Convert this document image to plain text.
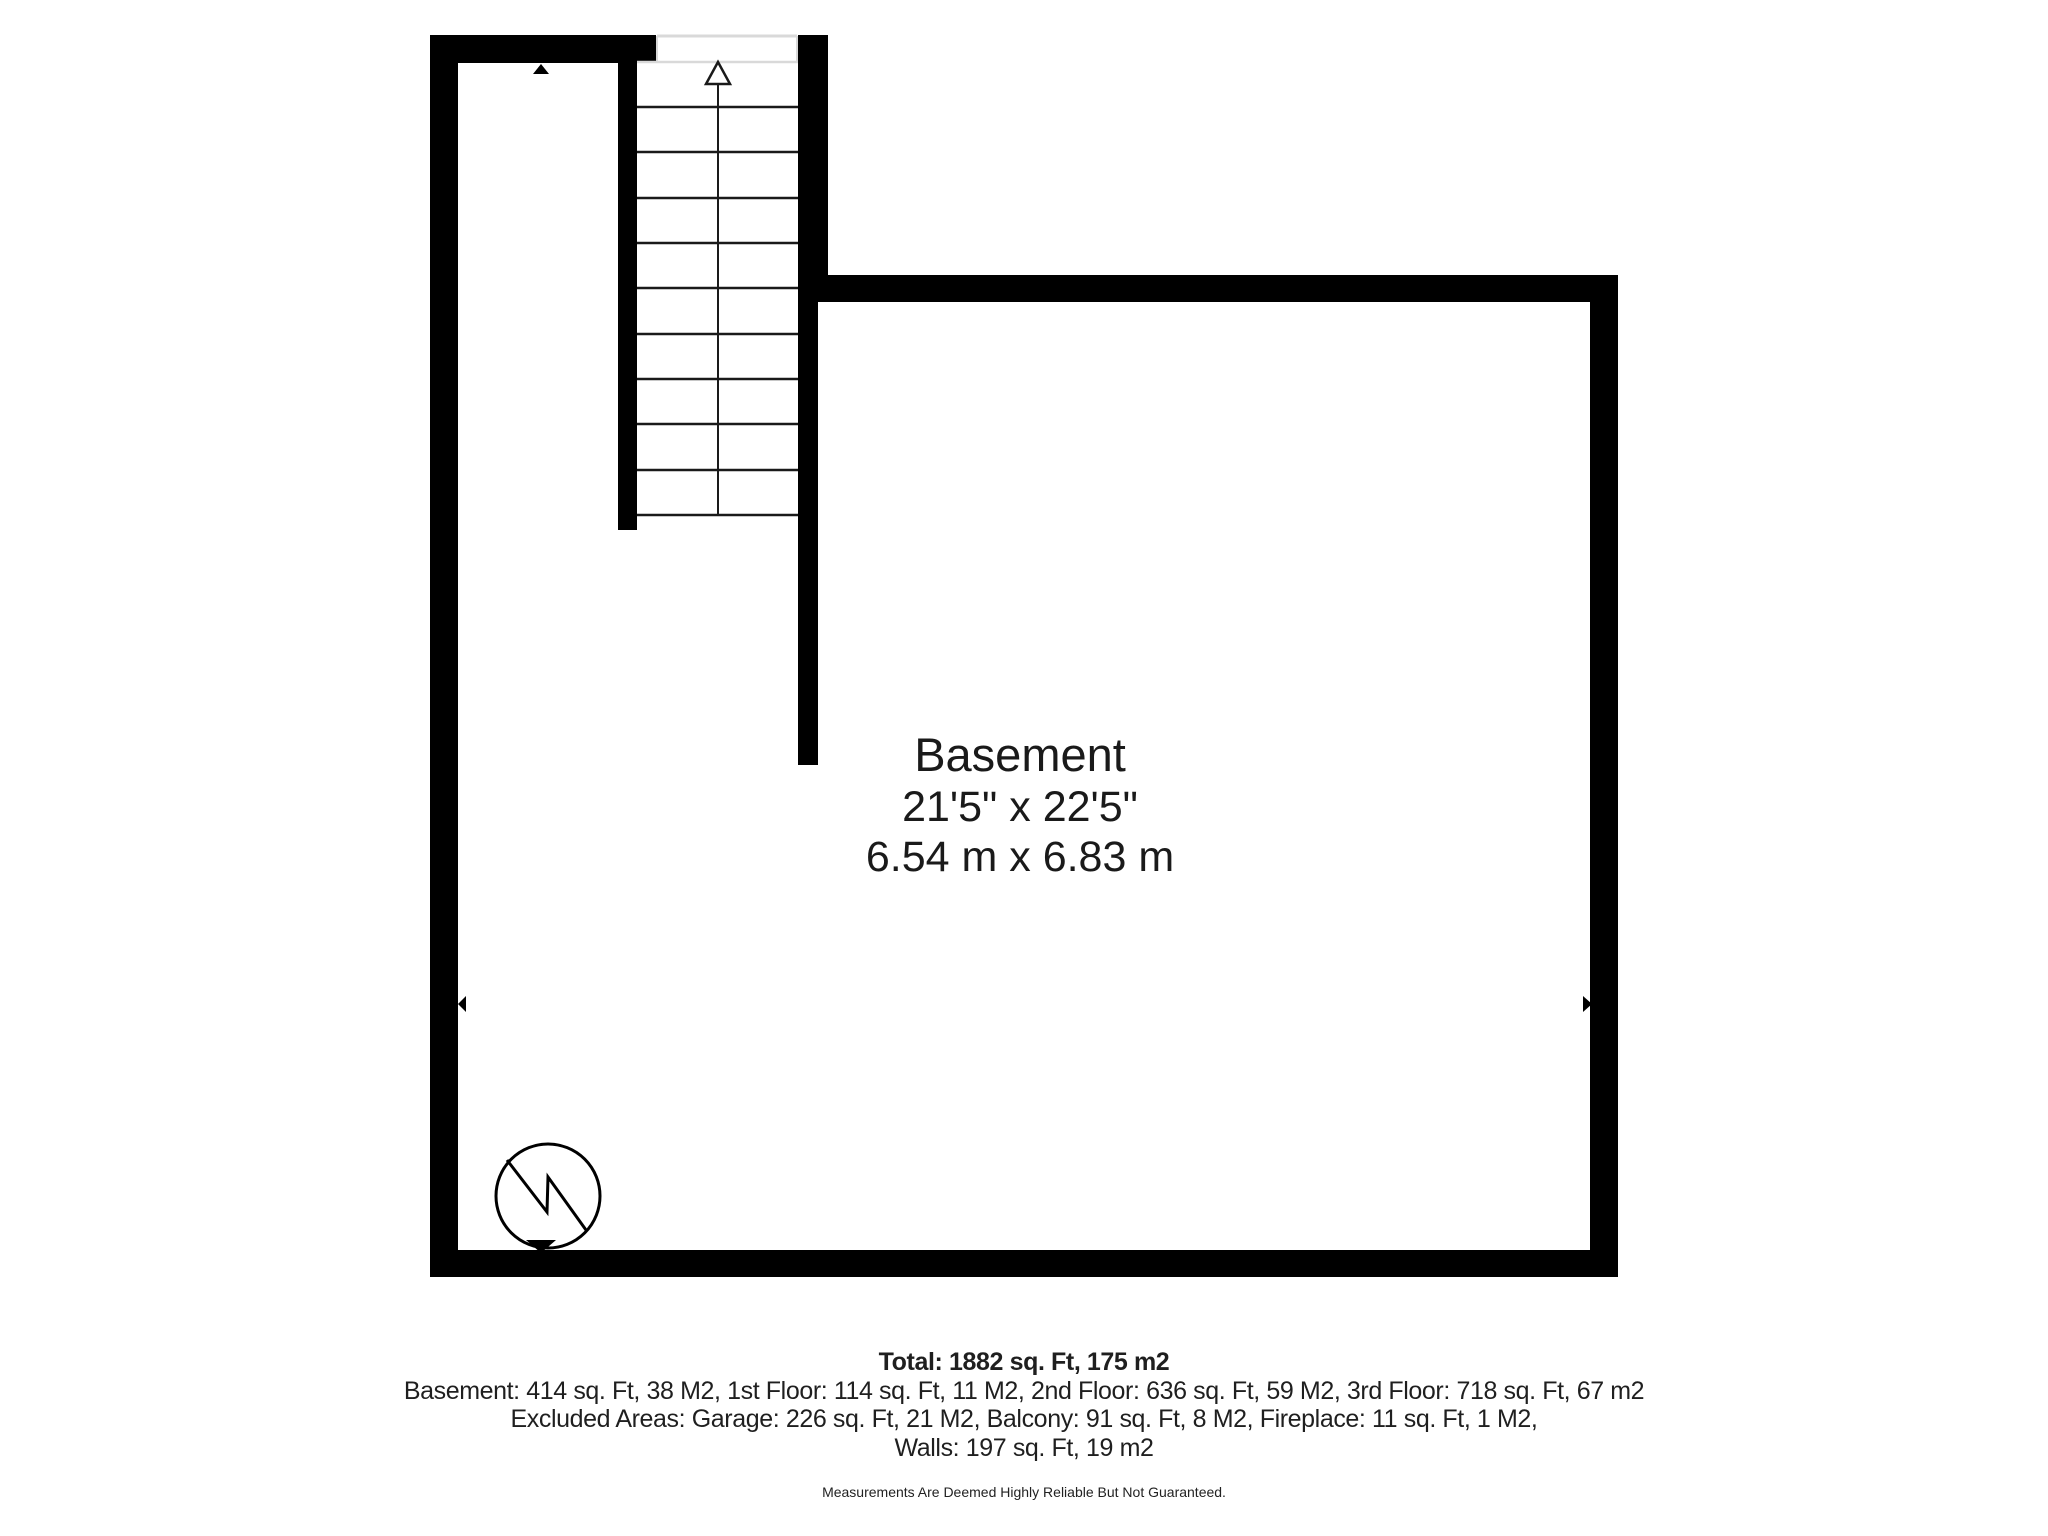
Basement
21'5" x 22'5"
6.54 m x 6.83 m
Total: 1882 sq. Ft, 175 m2
Basement: 414 sq. Ft, 38 M2, 1st Floor: 114 sq. Ft, 11 M2, 2nd Floor: 636 sq. Ft, 59 M2, 3rd Floor: 718 sq. Ft, 67 m2
Excluded Areas: Garage: 226 sq. Ft, 21 M2, Balcony: 91 sq. Ft, 8 M2, Fireplace: 11 sq. Ft, 1 M2,
Walls: 197 sq. Ft, 19 m2
Measurements Are Deemed Highly Reliable But Not Guaranteed.
